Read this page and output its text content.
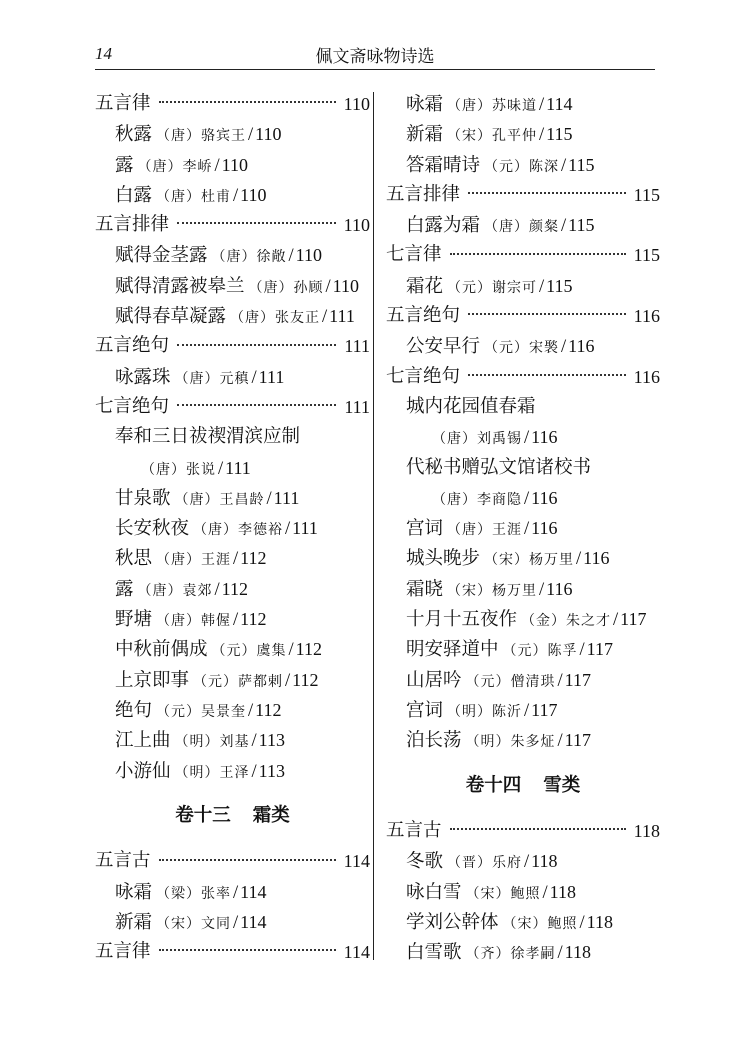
14	佩文斋咏物诗选
五言律	110
秋露 （唐）骆宾王 / 110
露 （唐）李峤 / 110
白露 （唐）杜甫 / 110
五言排律	110
赋得金茎露 （唐）徐敞 / 110
赋得清露被皋兰 （唐）孙顾 / 110
赋得春草凝露 （唐）张友正 / 111
五言绝句	111
咏露珠 （唐）元稹 / 111
七言绝句	111
奉和三日祓禊渭滨应制
（唐）张说 / 111
甘泉歌 （唐）王昌龄 / 111
长安秋夜 （唐）李德裕 / 111
秋思 （唐）王涯 / 112
露 （唐）袁郊 / 112
野塘 （唐）韩偓 / 112
中秋前偶成 （元）虞集 / 112
上京即事 （元）萨都剌 / 112
绝句 （元）吴景奎 / 112
江上曲 （明）刘基 / 113
小游仙 （明）王泽 / 113
卷十三 霜类
五言古	114
咏霜 （梁）张率 / 114
新霜 （宋）文同 / 114
五言律	114
咏霜 （唐）苏味道 / 114
新霜 （宋）孔平仲 / 115
答霜晴诗 （元）陈深 / 115
五言排律	115
白露为霜 （唐）颜粲 / 115
七言律	115
霜花 （元）谢宗可 / 115
五言绝句	116
公安早行 （元）宋褧 / 116
七言绝句	116
城内花园值春霜
（唐）刘禹锡 / 116
代秘书赠弘文馆诸校书
（唐）李商隐 / 116
宫词 （唐）王涯 / 116
城头晚步 （宋）杨万里 / 116
霜晓 （宋）杨万里 / 116
十月十五夜作 （金）朱之才 / 117
明安驿道中 （元）陈孚 / 117
山居吟 （元）僧清珙 / 117
宫词 （明）陈沂 / 117
泊长荡 （明）朱多炡 / 117
卷十四 雪类
五言古	118
冬歌 （晋）乐府 / 118
咏白雪 （宋）鲍照 / 118
学刘公幹体 （宋）鲍照 / 118
白雪歌 （齐）徐孝嗣 / 118
